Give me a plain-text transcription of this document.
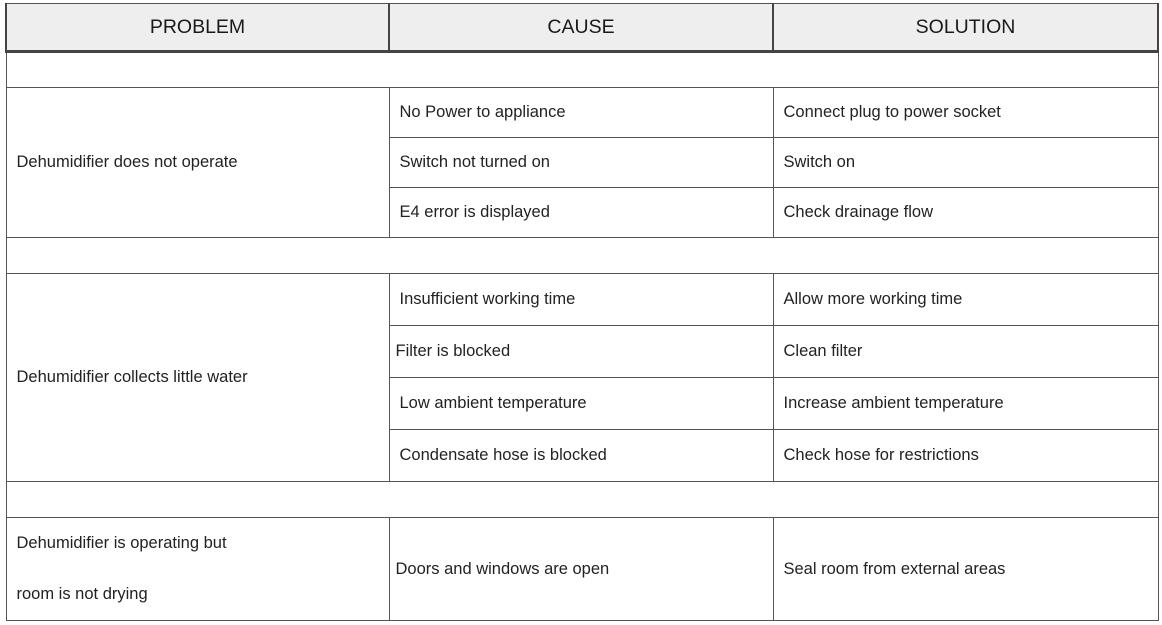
PROBLEM	CAUSE	SOLUTION

Dehumidifier does not operate	No Power to appliance	Connect plug to power socket
	Switch not turned on	Switch on
	E4 error is displayed	Check drainage flow

Dehumidifier collects little water	Insufficient working time	Allow more working time
	Filter is blocked	Clean filter
	Low ambient temperature	Increase ambient temperature
	Condensate hose is blocked	Check hose for restrictions

Dehumidifier is operating but
room is not drying	Doors and windows are open	Seal room from external areas
